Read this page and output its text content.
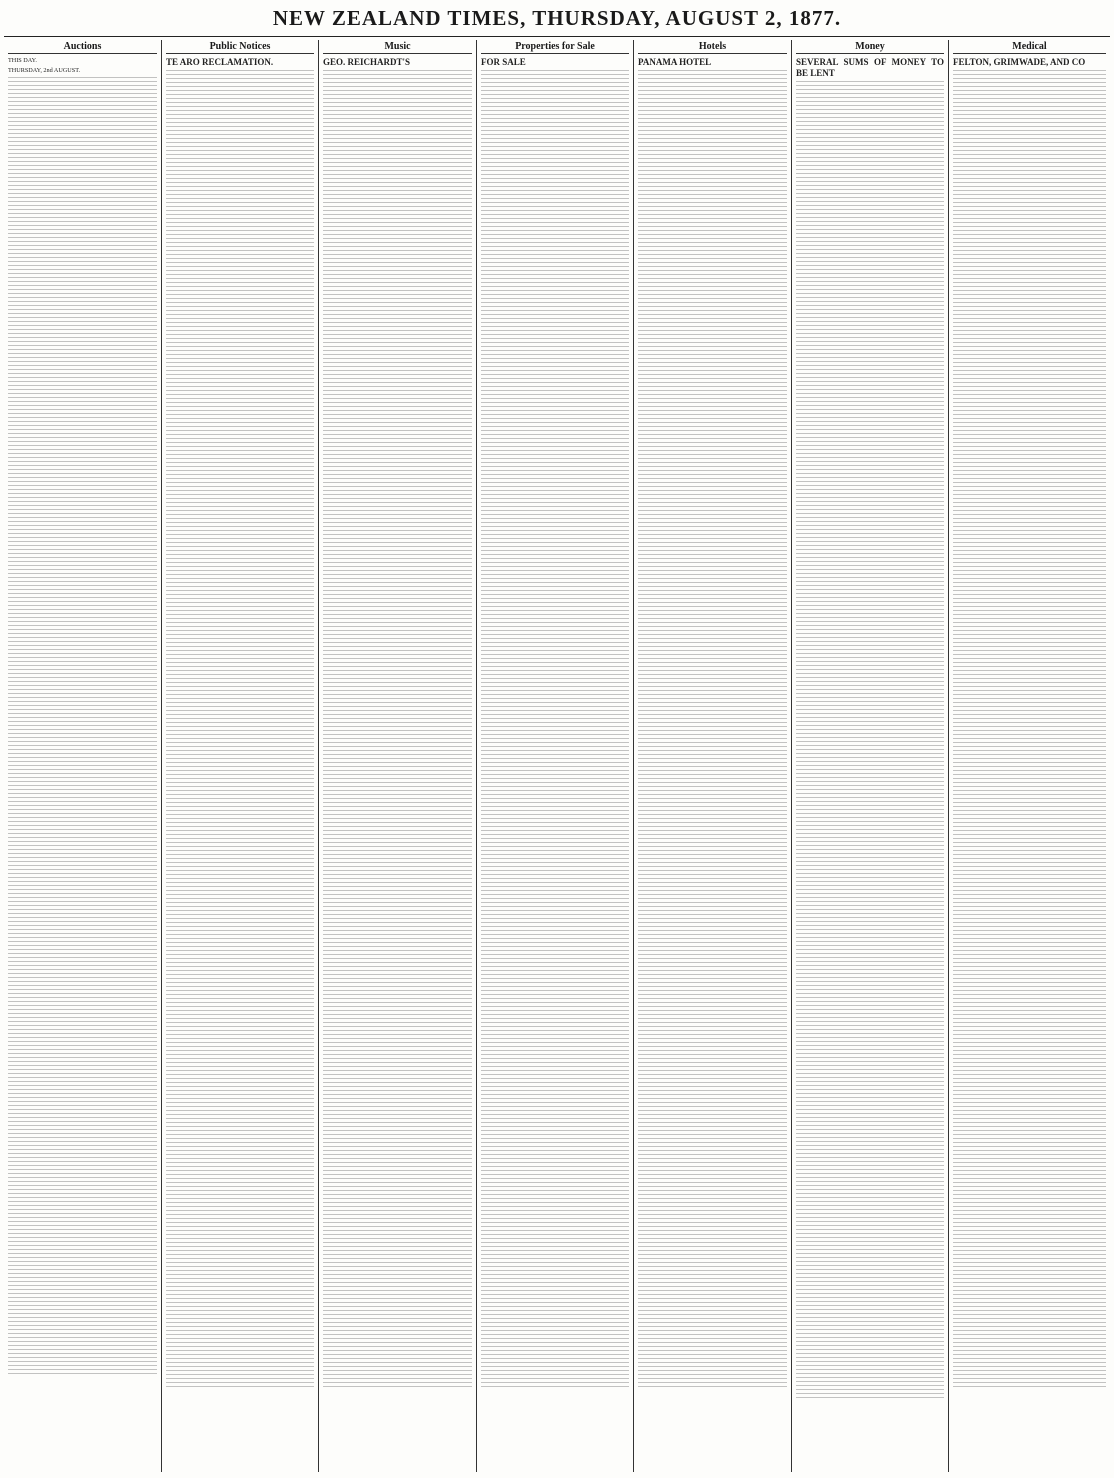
NEW ZEALAND TIMES, THURSDAY, AUGUST 2, 1877.
Auctions

THIS DAY.

THURSDAY, 2nd AUGUST.

Public Notices

TE ARO RECLAMATION.

Music

GEO. REICHARDT'S

Properties for Sale

FOR SALE

Hotels

PANAMA HOTEL

Money

SEVERAL SUMS OF MONEY TO BE LENT

Medical

FELTON, GRIMWADE, AND CO
